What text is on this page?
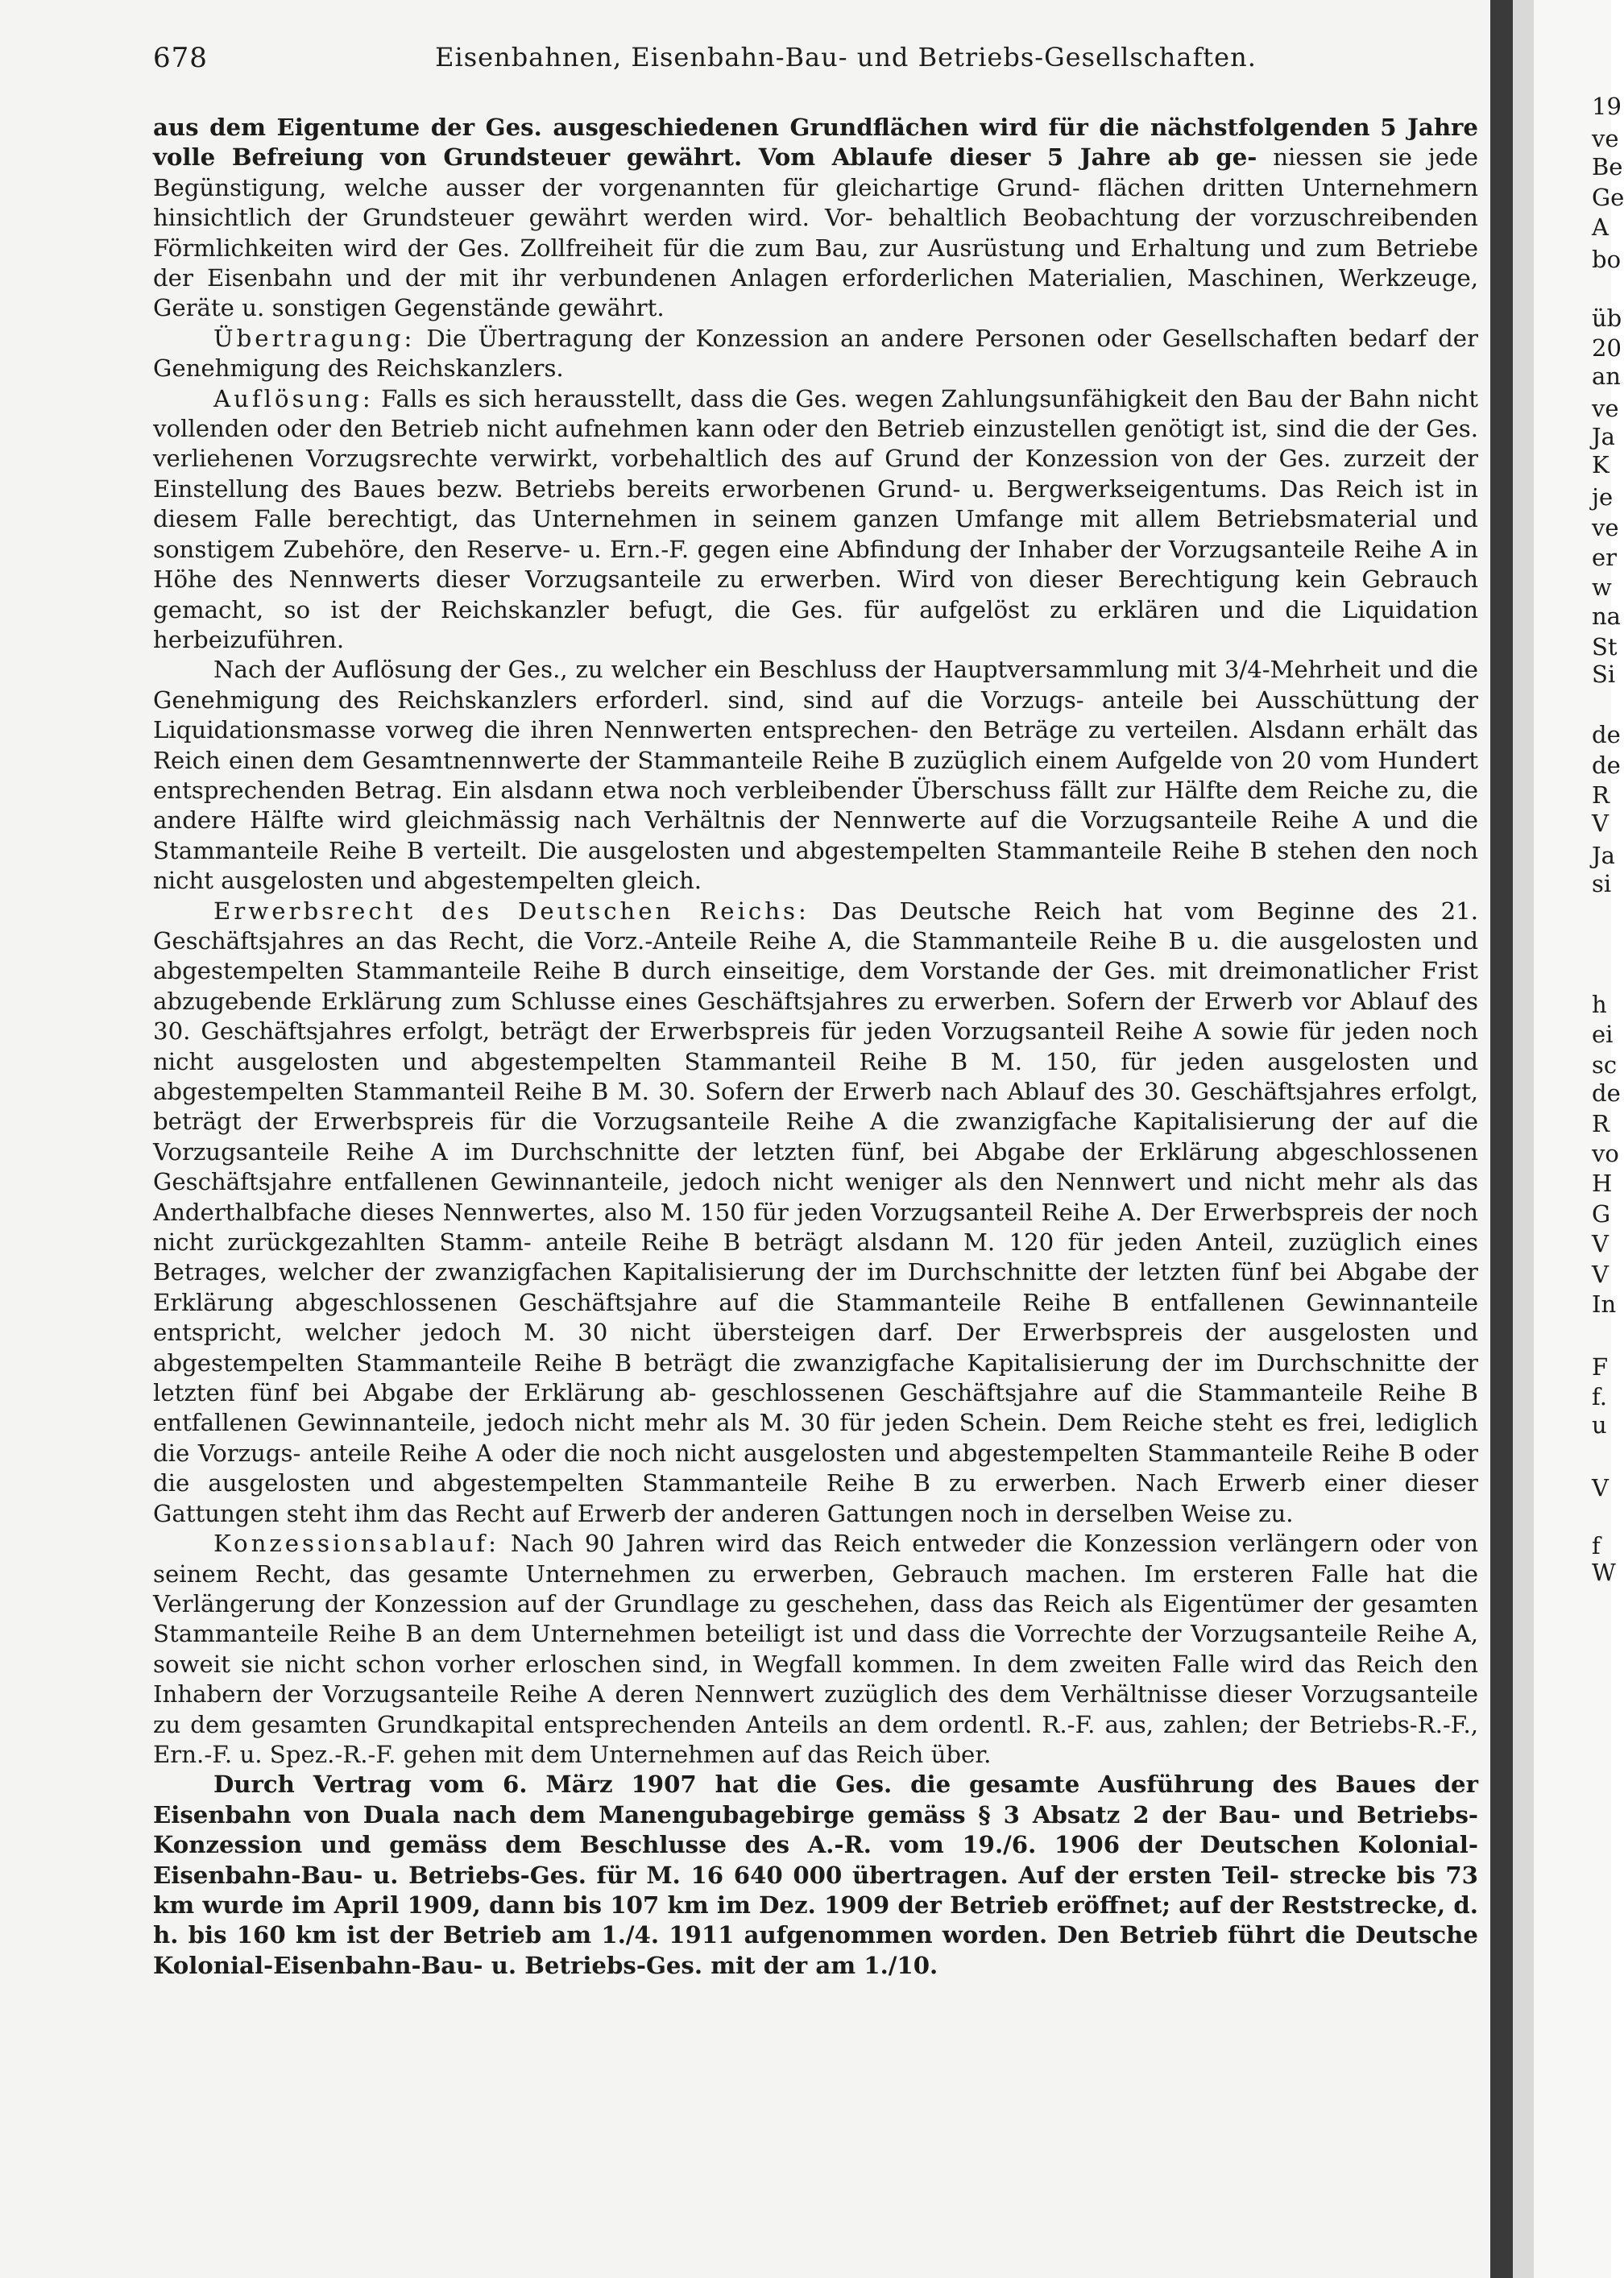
678	Eisenbahnen, Eisenbahn-Bau- und Betriebs-Gesellschaften.

aus dem Eigentume der Ges. ausgeschiedenen Grundflächen wird für die nächstfolgenden 5 Jahre volle Befreiung von Grundsteuer gewährt. Vom Ablaufe dieser 5 Jahre ab ge- niessen sie jede Begünstigung, welche ausser der vorgenannten für gleichartige Grund- flächen dritten Unternehmern hinsichtlich der Grundsteuer gewährt werden wird. Vor- behaltlich Beobachtung der vorzuschreibenden Förmlichkeiten wird der Ges. Zollfreiheit für die zum Bau, zur Ausrüstung und Erhaltung und zum Betriebe der Eisenbahn und der mit ihr verbundenen Anlagen erforderlichen Materialien, Maschinen, Werkzeuge, Geräte u. sonstigen Gegenstände gewährt.

Übertragung: Die Übertragung der Konzession an andere Personen oder Gesellschaften bedarf der Genehmigung des Reichskanzlers.

Auflösung: Falls es sich herausstellt, dass die Ges. wegen Zahlungsunfähigkeit den Bau der Bahn nicht vollenden oder den Betrieb nicht aufnehmen kann oder den Betrieb einzustellen genötigt ist, sind die der Ges. verliehenen Vorzugsrechte verwirkt, vorbehaltlich des auf Grund der Konzession von der Ges. zurzeit der Einstellung des Baues bezw. Betriebs bereits erworbenen Grund- u. Bergwerkseigentums. Das Reich ist in diesem Falle berechtigt, das Unternehmen in seinem ganzen Umfange mit allem Betriebsmaterial und sonstigem Zubehöre, den Reserve- u. Ern.-F. gegen eine Abfindung der Inhaber der Vorzugsanteile Reihe A in Höhe des Nennwerts dieser Vorzugsanteile zu erwerben. Wird von dieser Berechtigung kein Gebrauch gemacht, so ist der Reichskanzler befugt, die Ges. für aufgelöst zu erklären und die Liquidation herbeizuführen.

Nach der Auflösung der Ges., zu welcher ein Beschluss der Hauptversammlung mit 3/4-Mehrheit und die Genehmigung des Reichskanzlers erforderl. sind, sind auf die Vorzugs- anteile bei Ausschüttung der Liquidationsmasse vorweg die ihren Nennwerten entsprechen- den Beträge zu verteilen. Alsdann erhält das Reich einen dem Gesamtnennwerte der Stammanteile Reihe B zuzüglich einem Aufgelde von 20 vom Hundert entsprechenden Betrag. Ein alsdann etwa noch verbleibender Überschuss fällt zur Hälfte dem Reiche zu, die andere Hälfte wird gleichmässig nach Verhältnis der Nennwerte auf die Vorzugsanteile Reihe A und die Stammanteile Reihe B verteilt. Die ausgelosten und abgestempelten Stammanteile Reihe B stehen den noch nicht ausgelosten und abgestempelten gleich.

Erwerbsrecht des Deutschen Reichs: Das Deutsche Reich hat vom Beginne des 21. Geschäftsjahres an das Recht, die Vorz.-Anteile Reihe A, die Stammanteile Reihe B u. die ausgelosten und abgestempelten Stammanteile Reihe B durch einseitige, dem Vorstande der Ges. mit dreimonatlicher Frist abzugebende Erklärung zum Schlusse eines Geschäftsjahres zu erwerben. Sofern der Erwerb vor Ablauf des 30. Geschäftsjahres erfolgt, beträgt der Erwerbspreis für jeden Vorzugsanteil Reihe A sowie für jeden noch nicht ausgelosten und abgestempelten Stammanteil Reihe B M. 150, für jeden ausgelosten und abgestempelten Stammanteil Reihe B M. 30. Sofern der Erwerb nach Ablauf des 30. Geschäftsjahres erfolgt, beträgt der Erwerbspreis für die Vorzugsanteile Reihe A die zwanzigfache Kapitalisierung der auf die Vorzugsanteile Reihe A im Durchschnitte der letzten fünf, bei Abgabe der Erklärung abgeschlossenen Geschäftsjahre entfallenen Gewinnanteile, jedoch nicht weniger als den Nennwert und nicht mehr als das Anderthalbfache dieses Nennwertes, also M. 150 für jeden Vorzugsanteil Reihe A. Der Erwerbspreis der noch nicht zurückgezahlten Stamm- anteile Reihe B beträgt alsdann M. 120 für jeden Anteil, zuzüglich eines Betrages, welcher der zwanzigfachen Kapitalisierung der im Durchschnitte der letzten fünf bei Abgabe der Erklärung abgeschlossenen Geschäftsjahre auf die Stammanteile Reihe B entfallenen Gewinnanteile entspricht, welcher jedoch M. 30 nicht übersteigen darf. Der Erwerbspreis der ausgelosten und abgestempelten Stammanteile Reihe B beträgt die zwanzigfache Kapitalisierung der im Durchschnitte der letzten fünf bei Abgabe der Erklärung ab- geschlossenen Geschäftsjahre auf die Stammanteile Reihe B entfallenen Gewinnanteile, jedoch nicht mehr als M. 30 für jeden Schein. Dem Reiche steht es frei, lediglich die Vorzugs- anteile Reihe A oder die noch nicht ausgelosten und abgestempelten Stammanteile Reihe B oder die ausgelosten und abgestempelten Stammanteile Reihe B zu erwerben. Nach Erwerb einer dieser Gattungen steht ihm das Recht auf Erwerb der anderen Gattungen noch in derselben Weise zu.

Konzessionsablauf: Nach 90 Jahren wird das Reich entweder die Konzession verlängern oder von seinem Recht, das gesamte Unternehmen zu erwerben, Gebrauch machen. Im ersteren Falle hat die Verlängerung der Konzession auf der Grundlage zu geschehen, dass das Reich als Eigentümer der gesamten Stammanteile Reihe B an dem Unternehmen beteiligt ist und dass die Vorrechte der Vorzugsanteile Reihe A, soweit sie nicht schon vorher erloschen sind, in Wegfall kommen. In dem zweiten Falle wird das Reich den Inhabern der Vorzugsanteile Reihe A deren Nennwert zuzüglich des dem Verhältnisse dieser Vorzugsanteile zu dem gesamten Grundkapital entsprechenden Anteils an dem ordentl. R.-F. aus, zahlen; der Betriebs-R.-F., Ern.-F. u. Spez.-R.-F. gehen mit dem Unternehmen auf das Reich über.

Durch Vertrag vom 6. März 1907 hat die Ges. die gesamte Ausführung des Baues der Eisenbahn von Duala nach dem Manengubagebirge gemäss § 3 Absatz 2 der Bau- und Betriebs-Konzession und gemäss dem Beschlusse des A.-R. vom 19./6. 1906 der Deutschen Kolonial-Eisenbahn-Bau- u. Betriebs-Ges. für M. 16 640 000 übertragen. Auf der ersten Teil- strecke bis 73 km wurde im April 1909, dann bis 107 km im Dez. 1909 der Betrieb eröffnet; auf der Reststrecke, d. h. bis 160 km ist der Betrieb am 1./4. 1911 aufgenommen worden. Den Betrieb führt die Deutsche Kolonial-Eisenbahn-Bau- u. Betriebs-Ges. mit der am 1./10.

19
ve
Be
Ge
A
bo
üb
20
an
ve
Ja
K
je
ve
er
w
na
St
Si
de
de
R
V
Ja
si
h
ei
sc
de
R
vo
H
G
V
V
In
F
f.
u
V
f
W
